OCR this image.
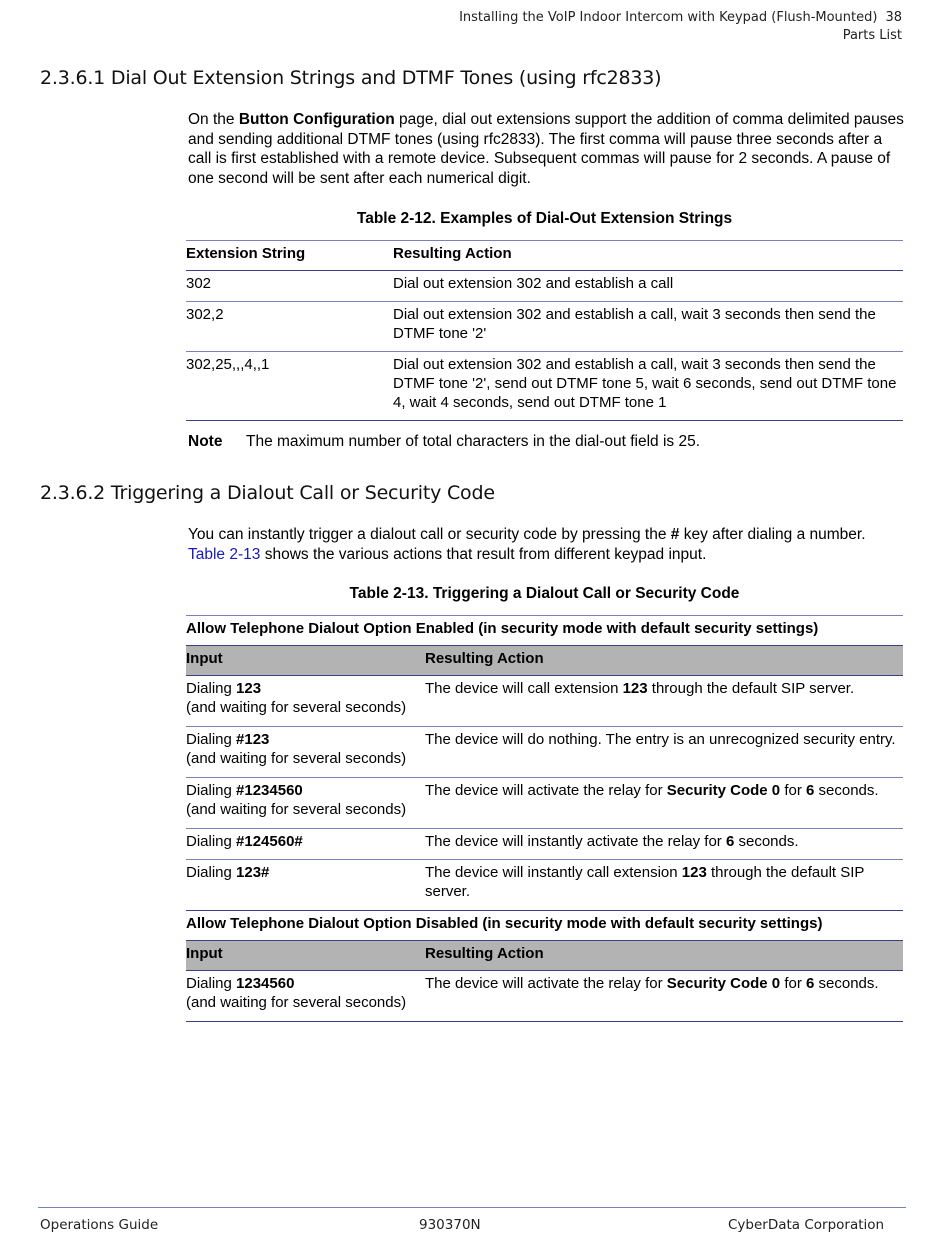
Installing the VoIP Indoor Intercom with Keypad (Flush-Mounted) 38
Parts List
2.3.6.1 Dial Out Extension Strings and DTMF Tones (using rfc2833)

On the Button Configuration page, dial out extensions support the addition of comma delimited pauses and sending additional DTMF tones (using rfc2833). The first comma will pause three seconds after a call is first established with a remote device. Subsequent commas will pause for 2 seconds. A pause of one second will be sent after each numerical digit.

Table 2-12. Examples of Dial-Out Extension Strings
Extension String	Resulting Action
302	Dial out extension 302 and establish a call
302,2	Dial out extension 302 and establish a call, wait 3 seconds then send the DTMF tone '2'
302,25,,,4,,1	Dial out extension 302 and establish a call, wait 3 seconds then send the DTMF tone '2', send out DTMF tone 5, wait 6 seconds, send out DTMF tone 4, wait 4 seconds, send out DTMF tone 1

Note The maximum number of total characters in the dial-out field is 25.
2.3.6.2 Triggering a Dialout Call or Security Code

You can instantly trigger a dialout call or security code by pressing the # key after dialing a number. Table 2-13 shows the various actions that result from different keypad input.

Table 2-13. Triggering a Dialout Call or Security Code
Allow Telephone Dialout Option Enabled (in security mode with default security settings)	
Input	Resulting Action
Dialing 123
(and waiting for several seconds)	The device will call extension 123 through the default SIP server.
Dialing #123
(and waiting for several seconds)	The device will do nothing. The entry is an unrecognized security entry.
Dialing #1234560
(and waiting for several seconds)	The device will activate the relay for Security Code 0 for 6 seconds.
Dialing #124560#	The device will instantly activate the relay for 6 seconds.
Dialing 123#	The device will instantly call extension 123 through the default SIP server.
Allow Telephone Dialout Option Disabled (in security mode with default security settings)	
Input	Resulting Action
Dialing 1234560
(and waiting for several seconds)	The device will activate the relay for Security Code 0 for 6 seconds.

Operations Guide	930370N	CyberData Corporation
